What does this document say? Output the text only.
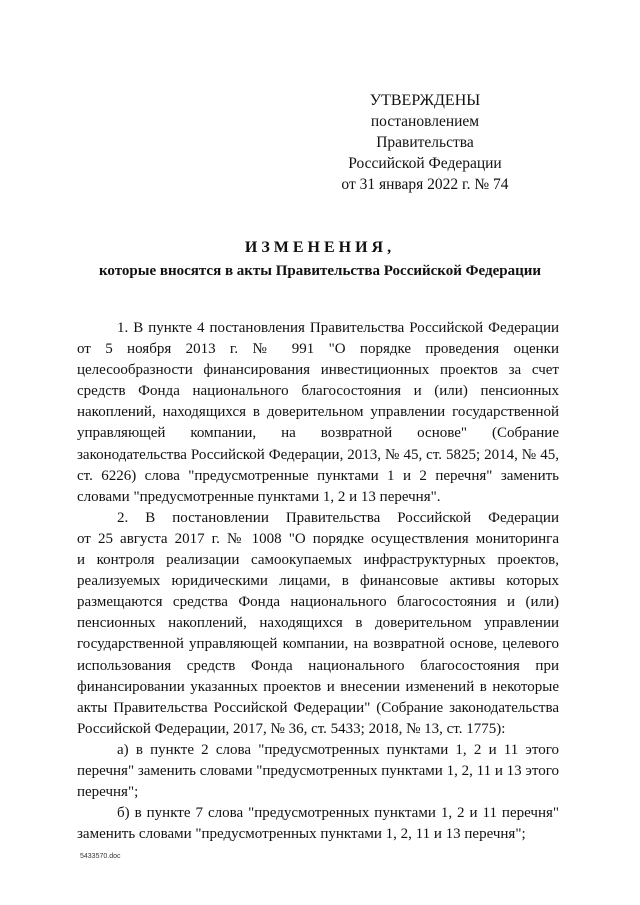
УТВЕРЖДЕНЫ
постановлением Правительства
Российской Федерации
от 31 января 2022 г. № 74
ИЗМЕНЕНИЯ,
которые вносятся в акты Правительства Российской Федерации
1. В пункте 4 постановления Правительства Российской Федерации
от 5 ноября 2013 г. № 991 "О порядке проведения оценки
целесообразности финансирования инвестиционных проектов за счет
средств Фонда национального благосостояния и (или) пенсионных
накоплений, находящихся в доверительном управлении государственной
управляющей компании, на возвратной основе" (Собрание
законодательства Российской Федерации, 2013, № 45, ст. 5825; 2014, № 45,
ст. 6226) слова "предусмотренные пунктами 1 и 2 перечня" заменить
словами "предусмотренные пунктами 1, 2 и 13 перечня".
2. В постановлении Правительства Российской Федерации
от 25 августа 2017 г. № 1008 "О порядке осуществления мониторинга
и контроля реализации самоокупаемых инфраструктурных проектов,
реализуемых юридическими лицами, в финансовые активы которых
размещаются средства Фонда национального благосостояния и (или)
пенсионных накоплений, находящихся в доверительном управлении
государственной управляющей компании, на возвратной основе, целевого
использования средств Фонда национального благосостояния при
финансировании указанных проектов и внесении изменений в некоторые
акты Правительства Российской Федерации" (Собрание законодательства
Российской Федерации, 2017, № 36, ст. 5433; 2018, № 13, ст. 1775):
а) в пункте 2 слова "предусмотренных пунктами 1, 2 и 11 этого
перечня" заменить словами "предусмотренных пунктами 1, 2, 11 и 13 этого
перечня";
б) в пункте 7 слова "предусмотренных пунктами 1, 2 и 11 перечня"
заменить словами "предусмотренных пунктами 1, 2, 11 и 13 перечня";
5433570.doc
